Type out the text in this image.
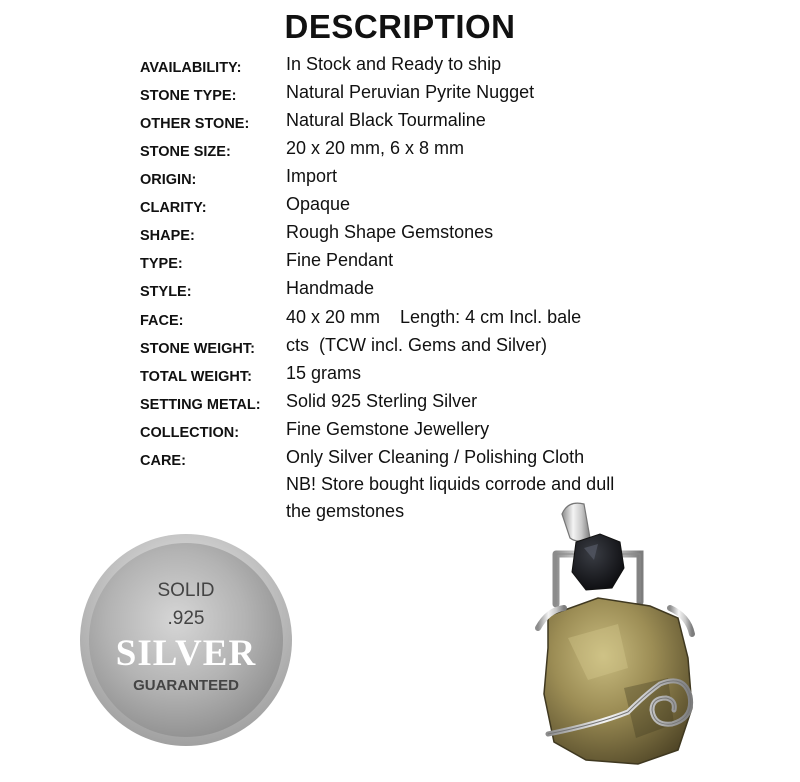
DESCRIPTION
AVAILABILITY: In Stock and Ready to ship
STONE TYPE:	Natural Peruvian Pyrite Nugget
OTHER STONE: Natural Black Tourmaline
STONE SIZE:	20 x 20 mm, 6 x 8 mm
ORIGIN:	Import
CLARITY:	Opaque
SHAPE:	Rough Shape Gemstones
TYPE:	Fine Pendant
STYLE:	Handmade
FACE:	40 x 20 mm    Length: 4 cm Incl. bale
STONE WEIGHT: cts  (TCW incl. Gems and Silver)
TOTAL WEIGHT: 15 grams
SETTING METAL: Solid 925 Sterling Silver
COLLECTION:	Fine Gemstone Jewellery
CARE:	Only Silver Cleaning / Polishing Cloth
NB! Store bought liquids corrode and dull
the gemstones
SOLID
.925
SILVER
GUARANTEED
